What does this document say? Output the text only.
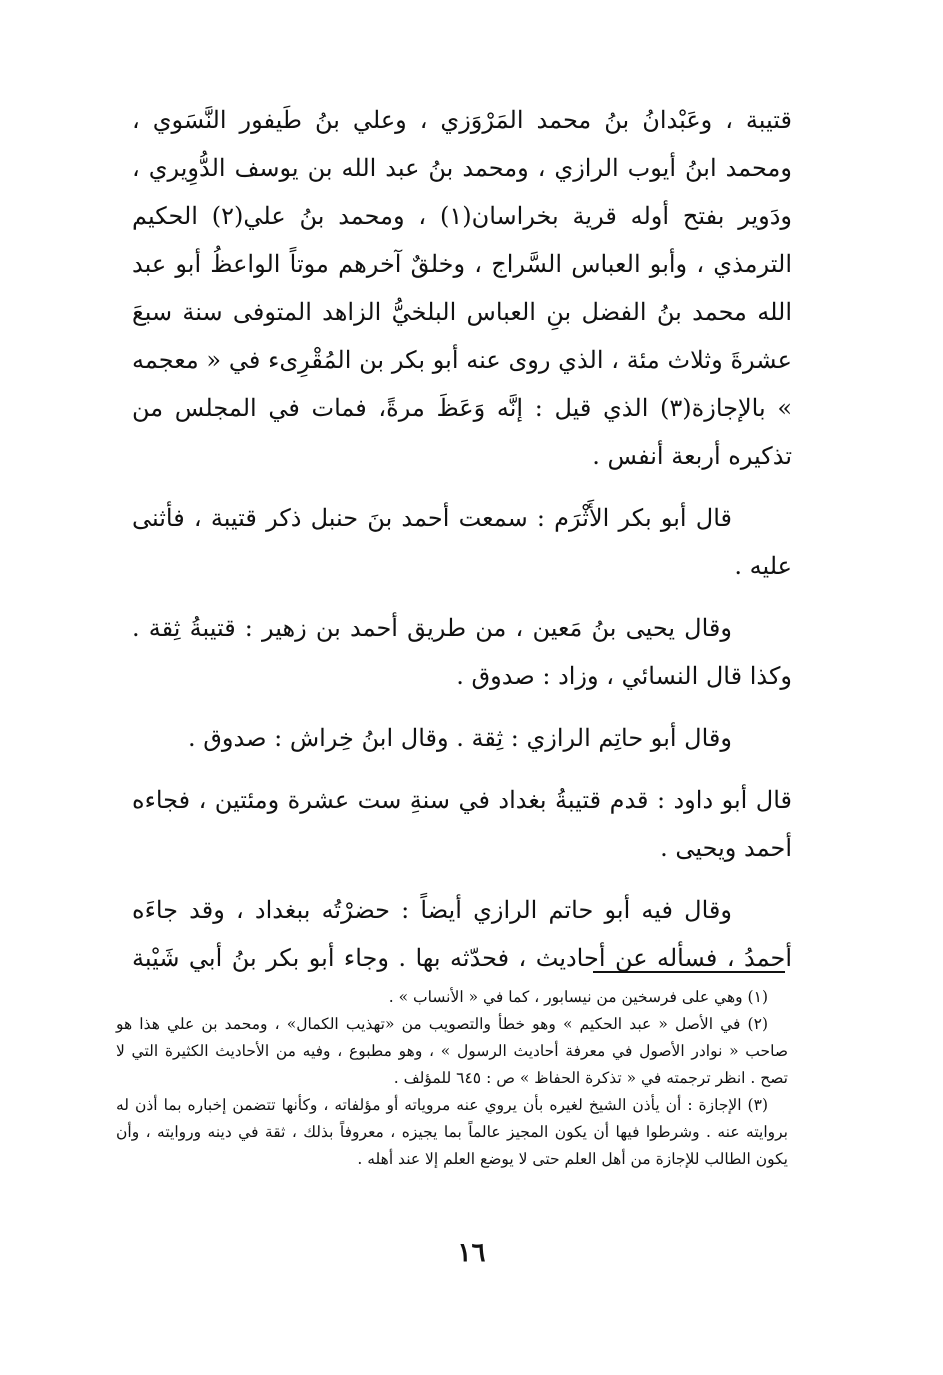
قتيبة ، وعَبْدانُ بنُ محمد المَرْوَزي ، وعلي بنُ طَيفور النَّسَوي ، ومحمد ابنُ أيوب الرازي ، ومحمد بنُ عبد الله بن يوسف الدُّوِيري ، ودَوير بفتح أوله قرية بخراسان(١) ، ومحمد بنُ علي(٢) الحكيم الترمذي ، وأبو العباس السَّراج ، وخلقٌ آخرهم موتاً الواعظُ أبو عبد الله محمد بنُ الفضل بنِ العباس البلخيُّ الزاهد المتوفى سنة سبعَ عشرةَ وثلاث مئة ، الذي روى عنه أبو بكر بن المُقْرِىء في « معجمه » بالإجازة(٣) الذي قيل : إنَّه وَعَظَ مرةً، فمات في المجلس من تذكيره أربعة أنفس .

قال أبو بكر الأَثْرَم : سمعت أحمد بنَ حنبل ذكر قتيبة ، فأثنى عليه .

وقال يحيى بنُ مَعين ، من طريق أحمد بن زهير : قتيبةُ ثِقة . وكذا قال النسائي ، وزاد : صدوق .

وقال أبو حاتِم الرازي : ثِقة . وقال ابنُ خِراش : صدوق .

قال أبو داود : قدم قتيبةُ بغداد في سنةِ ست عشرة ومئتين ، فجاءه أحمد ويحيى .

وقال فيه أبو حاتم الرازي أيضاً : حضرْتُه ببغداد ، وقد جاءَه أحمدُ ، فسأله عن أحاديث ، فحدّثه بها . وجاء أبو بكر بنُ أبي شَيْبة

(١) وهي على فرسخين من نيسابور ، كما في « الأنساب » .

(٢) في الأصل « عبد الحكيم » وهو خطأ والتصويب من «تهذيب الكمال» ، ومحمد بن علي هذا هو صاحب « نوادر الأصول في معرفة أحاديث الرسول » ، وهو مطبوع ، وفيه من الأحاديث الكثيرة التي لا تصح . انظر ترجمته في « تذكرة الحفاظ » ص : ٦٤٥ للمؤلف .

(٣) الإجازة : أن يأذن الشيخ لغيره بأن يروي عنه مروياته أو مؤلفاته ، وكأنها تتضمن إخباره بما أذن له بروايته عنه . وشرطوا فيها أن يكون المجيز عالماً بما يجيزه ، معروفاً بذلك ، ثقة في دينه وروايته ، وأن يكون الطالب للإجازة من أهل العلم حتى لا يوضع العلم إلا عند أهله .

١٦
